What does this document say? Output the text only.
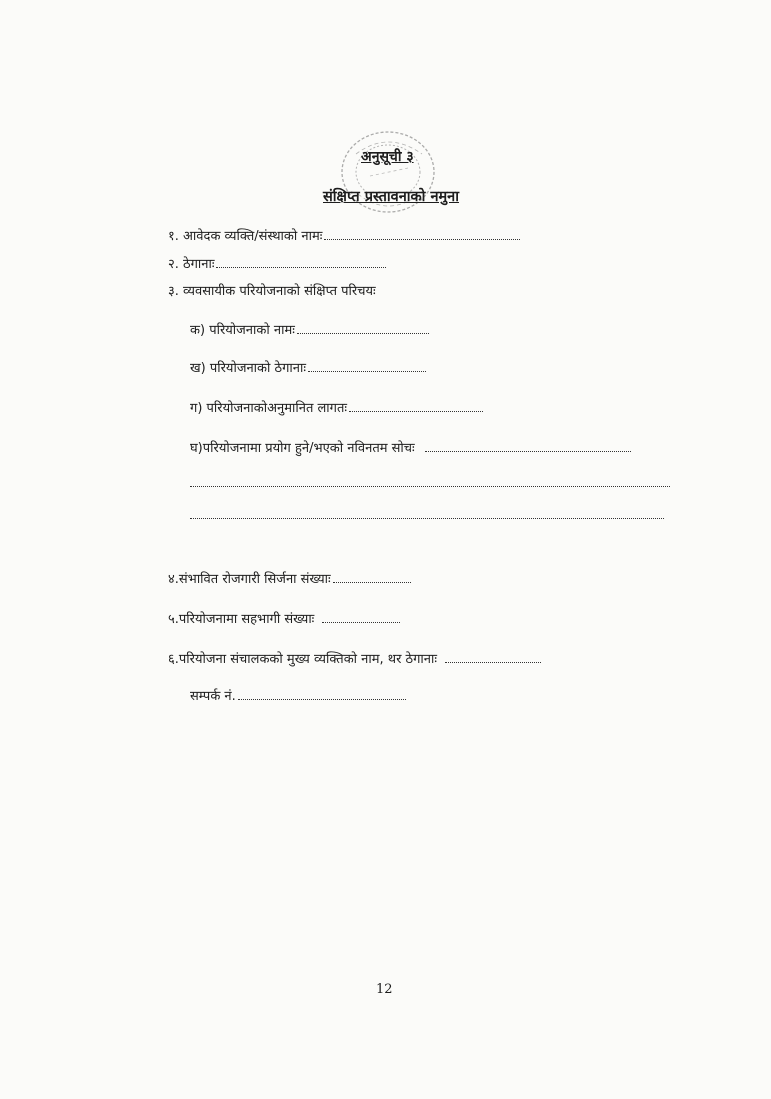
अनुसूची ३
संक्षिप्त प्रस्तावनाको नमुना
१. आवेदक व्यक्ति/संस्थाको नामः
२. ठेगानाः
३. व्यवसायीक परियोजनाको संक्षिप्त परिचयः
क) परियोजनाको नामः
ख) परियोजनाको ठेगानाः
ग) परियोजनाकोअनुमानित लागतः
घ)परियोजनामा प्रयोग हुने/भएको नविनतम सोचः
४.संभावित रोजगारी सिर्जना संख्याः
५.परियोजनामा सहभागी संख्याः
६.परियोजना संचालकको मुख्य व्यक्तिको नाम, थर ठेगानाः
सम्पर्क नं.
12
